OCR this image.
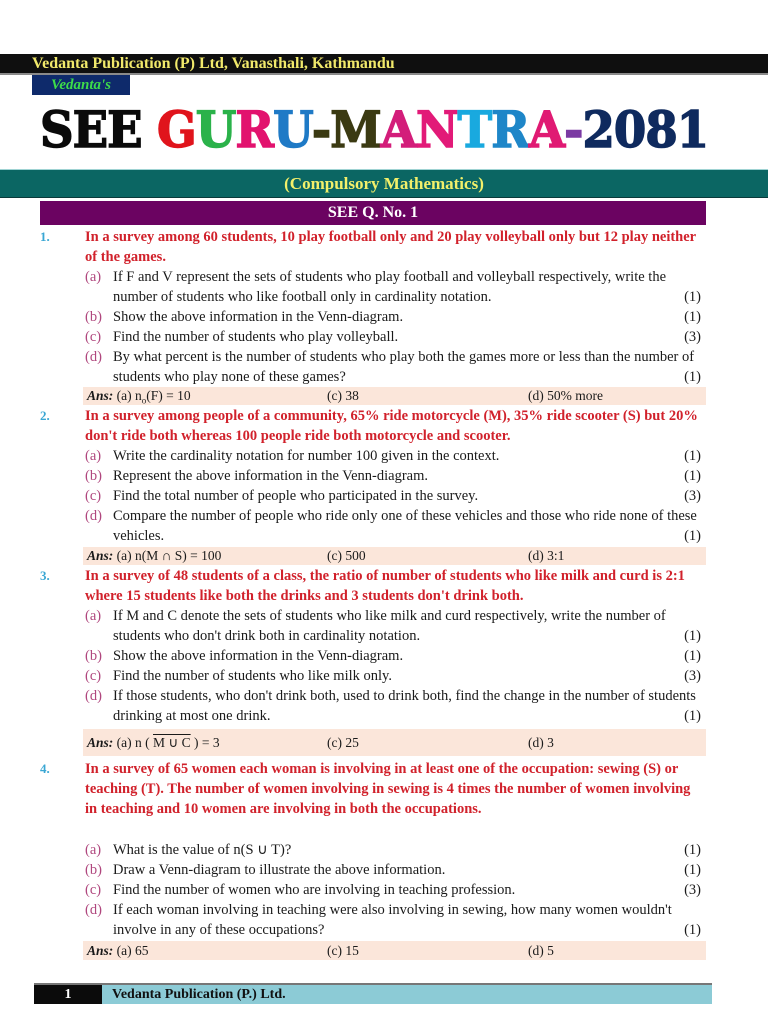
Vedanta Publication (P) Ltd, Vanasthali, Kathmandu
Vedanta's
SEE GURU-MANTRA-2081
(Compulsory Mathematics)
SEE Q. No. 1
1. In a survey among 60 students, 10 play football only and 20 play volleyball only but 12 play neither of the games.
(a) If F and V represent the sets of students who play football and volleyball respectively, write the number of students who like football only in cardinality notation.	(1)
(b) Show the above information in the Venn-diagram.	(1)
(c) Find the number of students who play volleyball.	(3)
(d) By what percent is the number of students who play both the games more or less than the number of students who play none of these games?	(1)
Ans: (a) $n_o(F) = 10$	(c) 38	(d) 50% more
2. In a survey among people of a community, 65% ride motorcycle (M), 35% ride scooter (S) but 20% don't ride both whereas 100 people ride both motorcycle and scooter.
(a) Write the cardinality notation for number 100 given in the context.	(1)
(b) Represent the above information in the Venn-diagram.	(1)
(c) Find the total number of people who participated in the survey.	(3)
(d) Compare the number of people who ride only one of these vehicles and those who ride none of these vehicles.	(1)
Ans: (a) n(M ∩ S) = 100	(c) 500	(d) 3:1
3. In a survey of 48 students of a class, the ratio of number of students who like milk and curd is 2:1 where 15 students like both the drinks and 3 students don't drink both.
(a) If M and C denote the sets of students who like milk and curd respectively, write the number of students who don't drink both in cardinality notation.	(1)
(b) Show the above information in the Venn-diagram.	(1)
(c) Find the number of students who like milk only.	(3)
(d) If those students, who don't drink both, used to drink both, find the change in the number of students drinking at most one drink.	(1)
Ans: (a) n ( M ∪ C ) = 3	(c) 25	(d) 3
4. In a survey of 65 women each woman is involving in at least one of the occupation: sewing (S) or teaching (T). The number of women involving in sewing is 4 times the number of women involving in teaching and 10 women are involving in both the occupations.
(a) What is the value of n(S ∪ T)?	(1)
(b) Draw a Venn-diagram to illustrate the above information.	(1)
(c) Find the number of women who are involving in teaching profession.	(3)
(d) If each woman involving in teaching were also involving in sewing, how many women wouldn't involve in any of these occupations?	(1)
Ans: (a) 65	(c) 15	(d) 5
1	Vedanta Publication (P.) Ltd.
